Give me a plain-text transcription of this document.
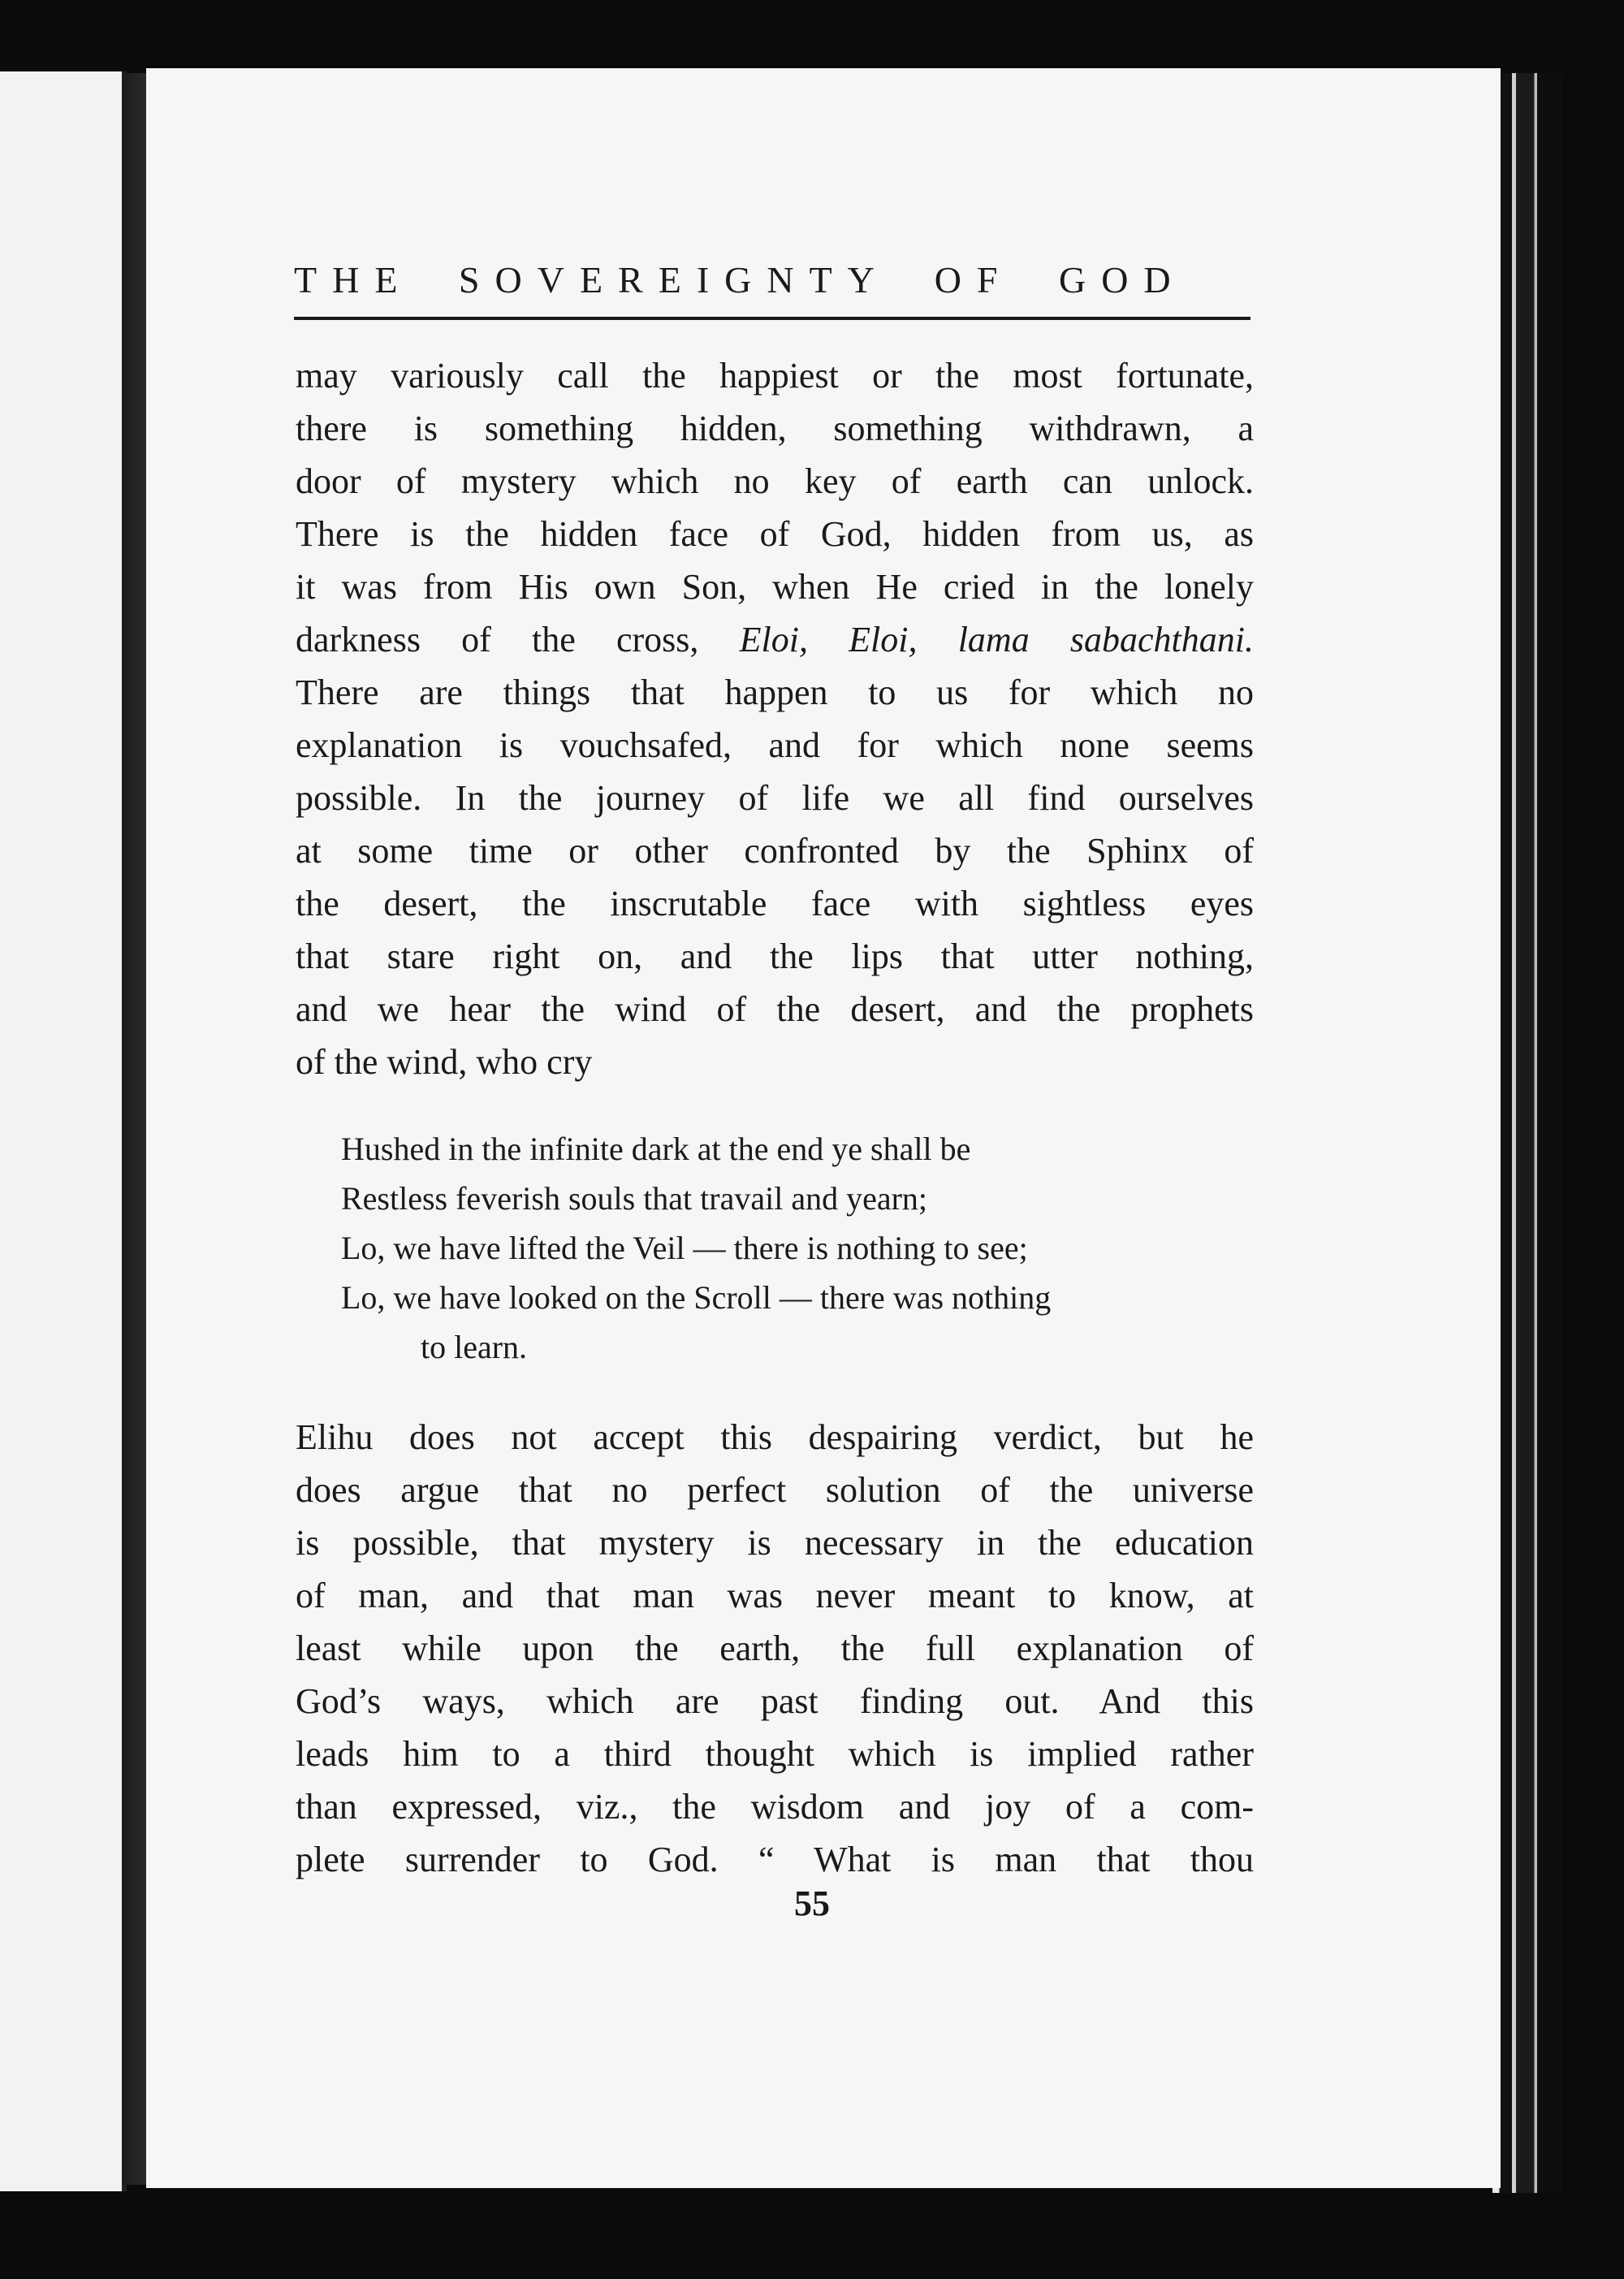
THE SOVEREIGNTY OF GOD
may variously call the happiest or the most fortunate,
there is something hidden, something withdrawn, a
door of mystery which no key of earth can unlock.
There is the hidden face of God, hidden from us, as
it was from His own Son, when He cried in the lonely
darkness of the cross, Eloi, Eloi, lama sabachthani.
There are things that happen to us for which no
explanation is vouchsafed, and for which none seems
possible. In the journey of life we all find ourselves
at some time or other confronted by the Sphinx of
the desert, the inscrutable face with sightless eyes
that stare right on, and the lips that utter nothing,
and we hear the wind of the desert, and the prophets
of the wind, who cry
Hushed in the infinite dark at the end ye shall be
Restless feverish souls that travail and yearn;
Lo, we have lifted the Veil — there is nothing to see;
Lo, we have looked on the Scroll — there was nothing
to learn.
Elihu does not accept this despairing verdict, but he
does argue that no perfect solution of the universe
is possible, that mystery is necessary in the education
of man, and that man was never meant to know, at
least while upon the earth, the full explanation of
God’s ways, which are past finding out. And this
leads him to a third thought which is implied rather
than expressed, viz., the wisdom and joy of a com-
plete surrender to God. “ What is man that thou
55
